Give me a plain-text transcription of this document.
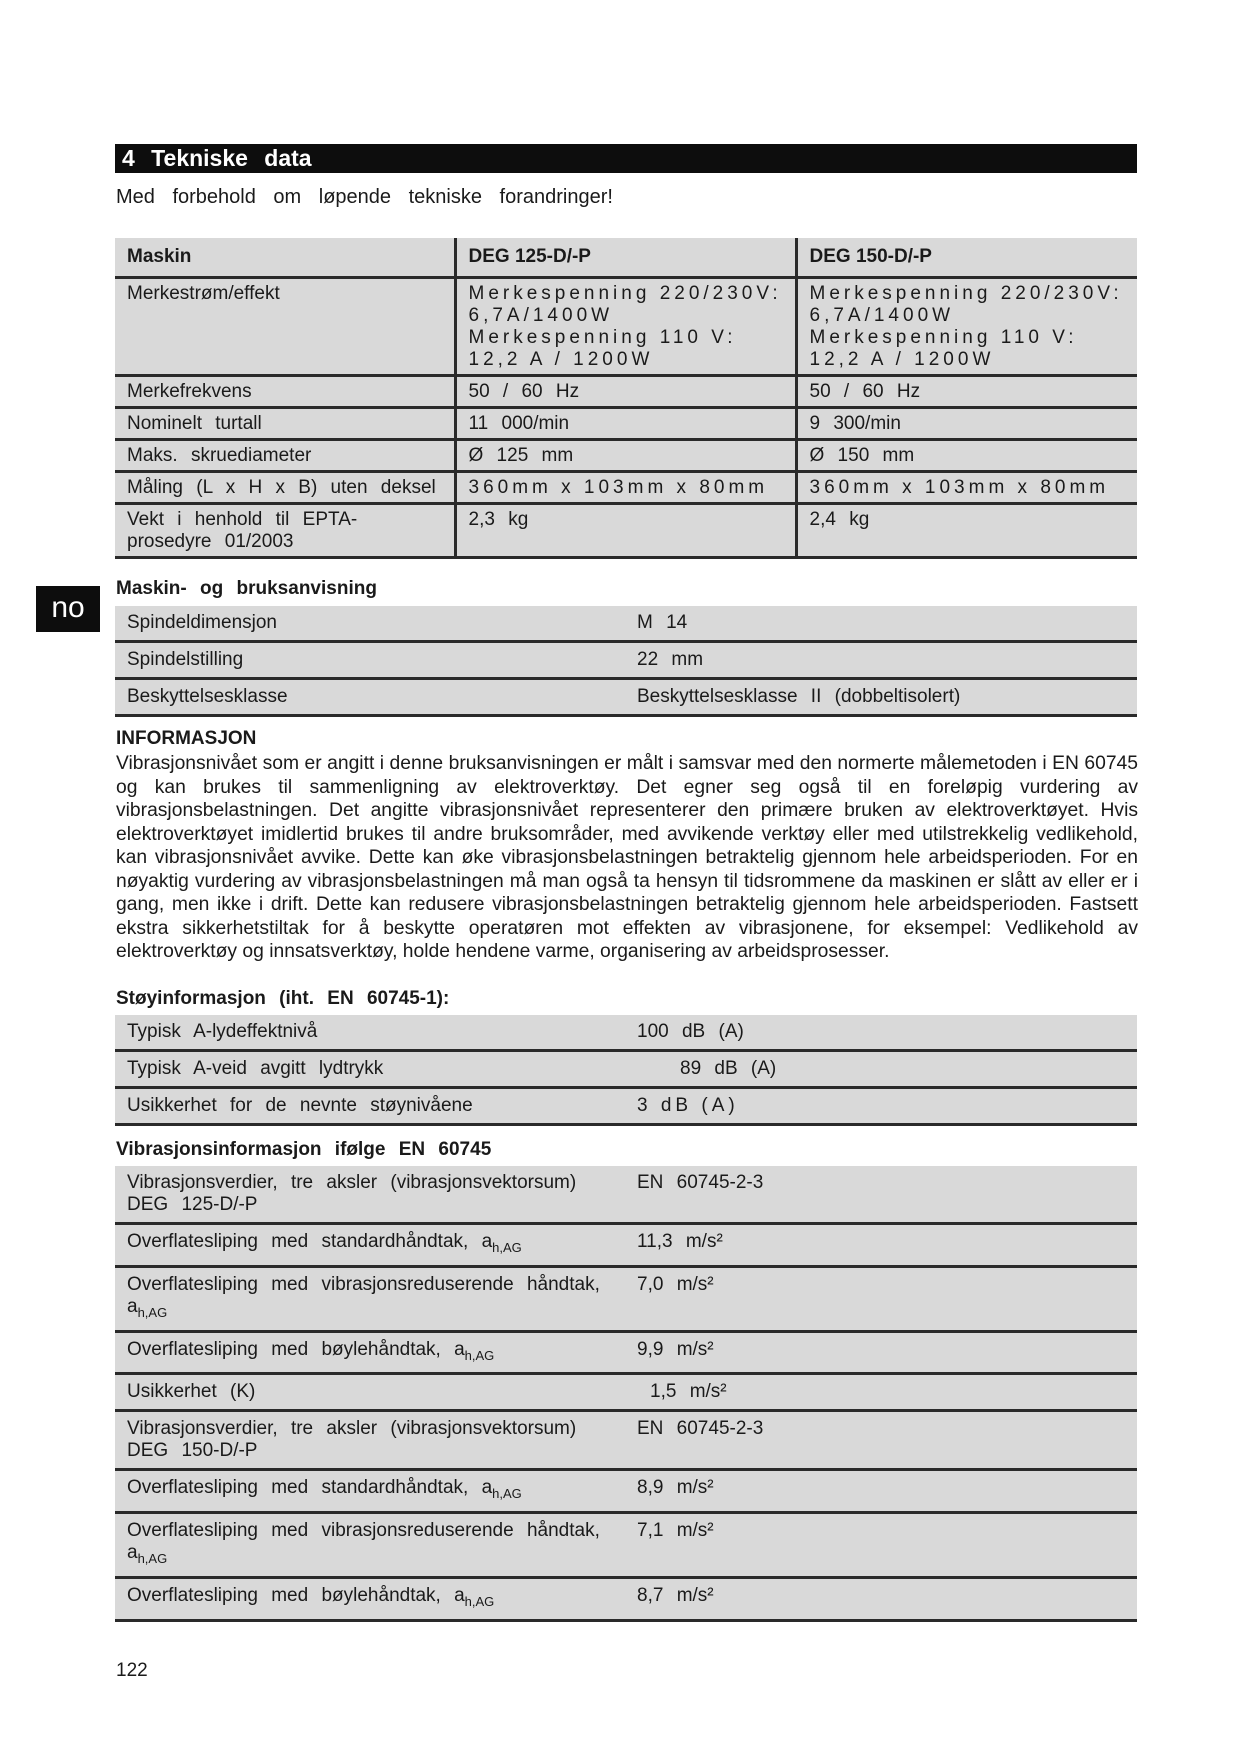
4 Tekniske data
Med forbehold om løpende tekniske forandringer!
no
Maskin	DEG 125-D/-P	DEG 150-D/-P
Merkestrøm/effekt	Merkespenning 220/230V: 6,7A/1400W Merkespenning 110 V: 12,2 A / 1200W	Merkespenning 220/230V: 6,7A/1400W Merkespenning 110 V: 12,2 A / 1200W
Merkefrekvens	50 / 60 Hz	50 / 60 Hz
Nominelt turtall	11 000/min	9 300/min
Maks. skruediameter	Ø 125 mm	Ø 150 mm
Måling (L x H x B) uten deksel	360mm x 103mm x 80mm	360mm x 103mm x 80mm
Vekt i henhold til EPTA-prosedyre 01/2003	2,3 kg	2,4 kg
Maskin- og bruksanvisning
Spindeldimensjon	M 14
Spindelstilling	22 mm
Beskyttelsesklasse	Beskyttelsesklasse II (dobbeltisolert)
INFORMASJON
Vibrasjonsnivået som er angitt i denne bruksanvisningen er målt i samsvar med den normerte målemetoden i EN 60745 og kan brukes til sammenligning av elektroverktøy. Det egner seg også til en foreløpig vurdering av vibrasjonsbelastningen. Det angitte vibrasjonsnivået representerer den primære bruken av elektroverktøyet. Hvis elektroverktøyet imidlertid brukes til andre bruksområder, med avvikende verktøy eller med utilstrekkelig vedlikehold, kan vibrasjonsnivået avvike. Dette kan øke vibrasjonsbelastningen betraktelig gjennom hele arbeidsperioden. For en nøyaktig vurdering av vibrasjonsbelastningen må man også ta hensyn til tidsrommene da maskinen er slått av eller er i gang, men ikke i drift. Dette kan redusere vibrasjonsbelastningen betraktelig gjennom hele arbeidsperioden. Fastsett ekstra sikkerhetstiltak for å beskytte operatøren mot effekten av vibrasjonene, for eksempel: Vedlikehold av elektroverktøy og innsatsverktøy, holde hendene varme, organisering av arbeidsprosesser.
Støyinformasjon (iht. EN 60745-1):
Typisk A-lydeffektnivå	100 dB (A)
Typisk A-veid avgitt lydtrykk	89 dB (A)
Usikkerhet for de nevnte støynivåene	3 dB (A)
Vibrasjonsinformasjon ifølge EN 60745
Vibrasjonsverdier, tre aksler (vibrasjonsvektorsum) DEG 125-D/-P	EN 60745-2-3
Overflatesliping med standardhåndtak, $a_{h,AG}$	11,3 m/s²
Overflatesliping med vibrasjonsreduserende håndtak, $a_{h,AG}$	7,0 m/s²
Overflatesliping med bøylehåndtak, $a_{h,AG}$	9,9 m/s²
Usikkerhet (K)	1,5 m/s²
Vibrasjonsverdier, tre aksler (vibrasjonsvektorsum) DEG 150-D/-P	EN 60745-2-3
Overflatesliping med standardhåndtak, $a_{h,AG}$	8,9 m/s²
Overflatesliping med vibrasjonsreduserende håndtak, $a_{h,AG}$	7,1 m/s²
Overflatesliping med bøylehåndtak, $a_{h,AG}$	8,7 m/s²
122
